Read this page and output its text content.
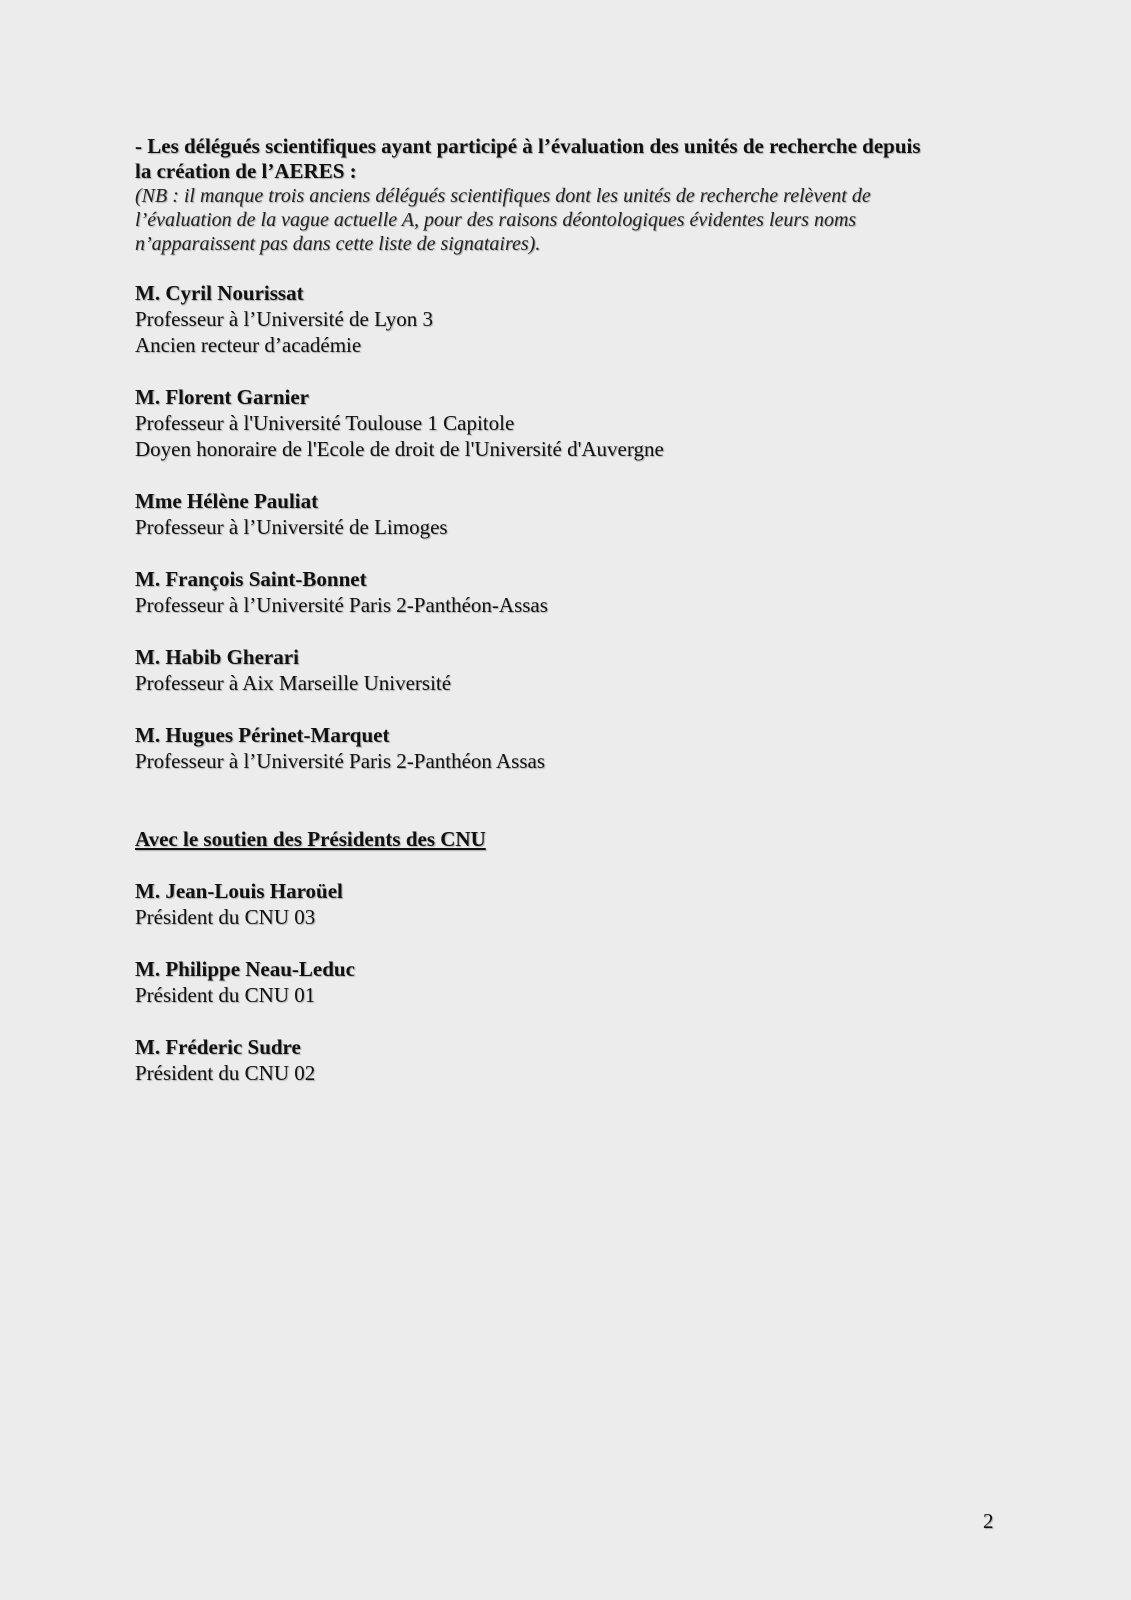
- Les délégués scientifiques ayant participé à l’évaluation des unités de recherche depuis

la création de l’AERES :

(NB : il manque trois anciens délégués scientifiques dont les unités de recherche relèvent de

l’évaluation de la vague actuelle A, pour des raisons déontologiques évidentes leurs noms

n’apparaissent pas dans cette liste de signataires).

M. Cyril Nourissat

Professeur à l’Université de Lyon 3

Ancien recteur d’académie

M. Florent Garnier

Professeur à l'Université Toulouse 1 Capitole

Doyen honoraire de l'Ecole de droit de l'Université d'Auvergne

Mme Hélène Pauliat

Professeur à l’Université de Limoges

M. François Saint-Bonnet

Professeur à l’Université Paris 2-Panthéon-Assas

M. Habib Gherari

Professeur à Aix Marseille Université

M. Hugues Périnet-Marquet

Professeur à l’Université Paris 2-Panthéon Assas

Avec le soutien des Présidents des CNU

M. Jean-Louis Haroüel

Président du CNU 03

M. Philippe Neau-Leduc

Président du CNU 01

M. Fréderic Sudre

Président du CNU 02

2
